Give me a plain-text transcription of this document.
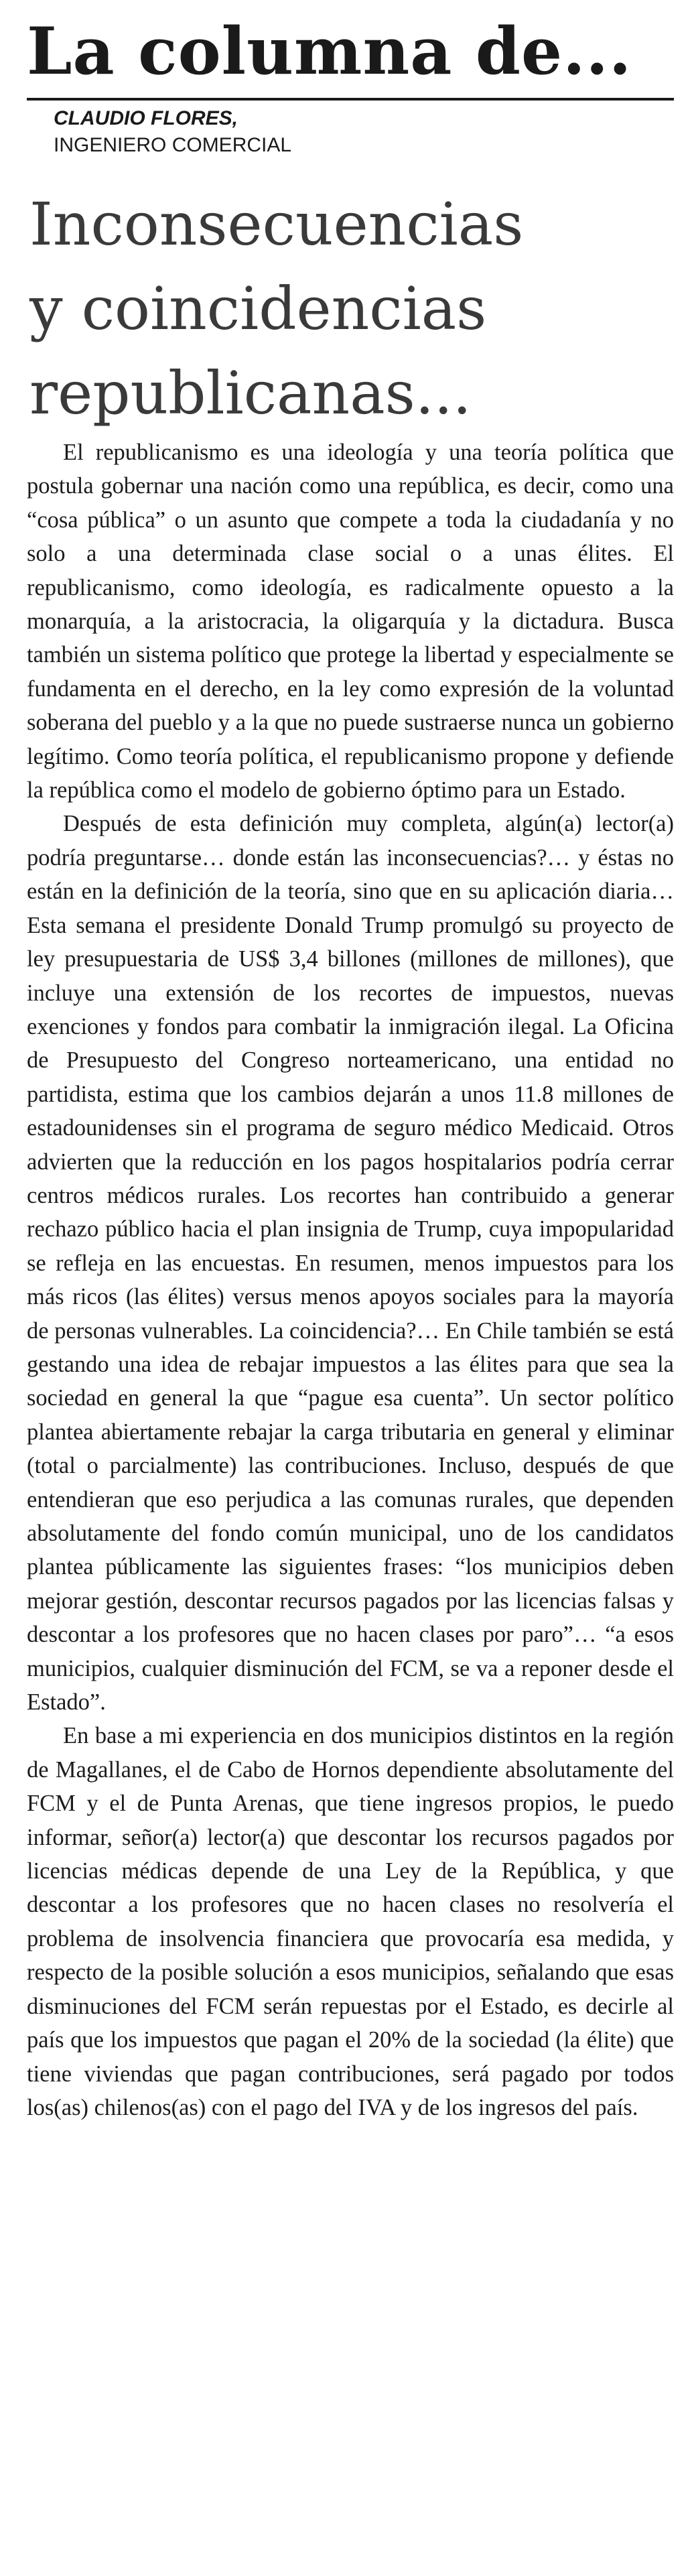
La columna de...
CLAUDIO FLORES,
INGENIERO COMERCIAL
Inconsecuencias
y coincidencias
republicanas...

El republicanismo es una ideología y una teoría política que postula gobernar una nación como una república, es decir, como una “cosa pública” o un asunto que compete a toda la ciudadanía y no solo a una determinada clase social o a unas élites. El republicanismo, como ideología, es radicalmente opuesto a la monarquía, a la aristocracia, la oligarquía y la dictadura. Busca también un sistema político que protege la libertad y especialmente se fundamenta en el derecho, en la ley como expresión de la voluntad soberana del pueblo y a la que no puede sustraerse nunca un gobierno legítimo. Como teoría política, el republicanismo propone y defiende la república como el modelo de gobierno óptimo para un Estado.

Después de esta definición muy completa, algún(a) lector(a) podría preguntarse… donde están las inconsecuencias?… y éstas no están en la definición de la teoría, sino que en su aplicación diaria… Esta semana el presidente Donald Trump promulgó su proyecto de ley presupuestaria de US$ 3,4 billones (millones de millones), que incluye una extensión de los recortes de impuestos, nuevas exenciones y fondos para combatir la inmigración ilegal. La Oficina de Presupuesto del Congreso norteamericano, una entidad no partidista, estima que los cambios dejarán a unos 11.8 millones de estadounidenses sin el programa de seguro médico Medicaid. Otros advierten que la reducción en los pagos hospitalarios podría cerrar centros médicos rurales. Los recortes han contribuido a generar rechazo público hacia el plan insignia de Trump, cuya impopularidad se refleja en las encuestas. En resumen, menos impuestos para los más ricos (las élites) versus menos apoyos sociales para la mayoría de personas vulnerables. La coincidencia?… En Chile también se está gestando una idea de rebajar impuestos a las élites para que sea la sociedad en general la que “pague esa cuenta”. Un sector político plantea abiertamente rebajar la carga tributaria en general y eliminar (total o parcialmente) las contribuciones. Incluso, después de que entendieran que eso perjudica a las comunas rurales, que dependen absolutamente del fondo común municipal, uno de los candidatos plantea públicamente las siguientes frases: “los municipios deben mejorar gestión, descontar recursos pagados por las licencias falsas y descontar a los profesores que no hacen clases por paro”… “a esos municipios, cualquier disminución del FCM, se va a reponer desde el Estado”.

En base a mi experiencia en dos municipios distintos en la región de Magallanes, el de Cabo de Hornos dependiente absolutamente del FCM y el de Punta Arenas, que tiene ingresos propios, le puedo informar, señor(a) lector(a) que descontar los recursos pagados por licencias médicas depende de una Ley de la República, y que descontar a los profesores que no hacen clases no resolvería el problema de insolvencia financiera que provocaría esa medida, y respecto de la posible solución a esos municipios, señalando que esas disminuciones del FCM serán repuestas por el Estado, es decirle al país que los impuestos que pagan el 20% de la sociedad (la élite) que tiene viviendas que pagan contribuciones, será pagado por todos los(as) chilenos(as) con el pago del IVA y de los ingresos del país.
